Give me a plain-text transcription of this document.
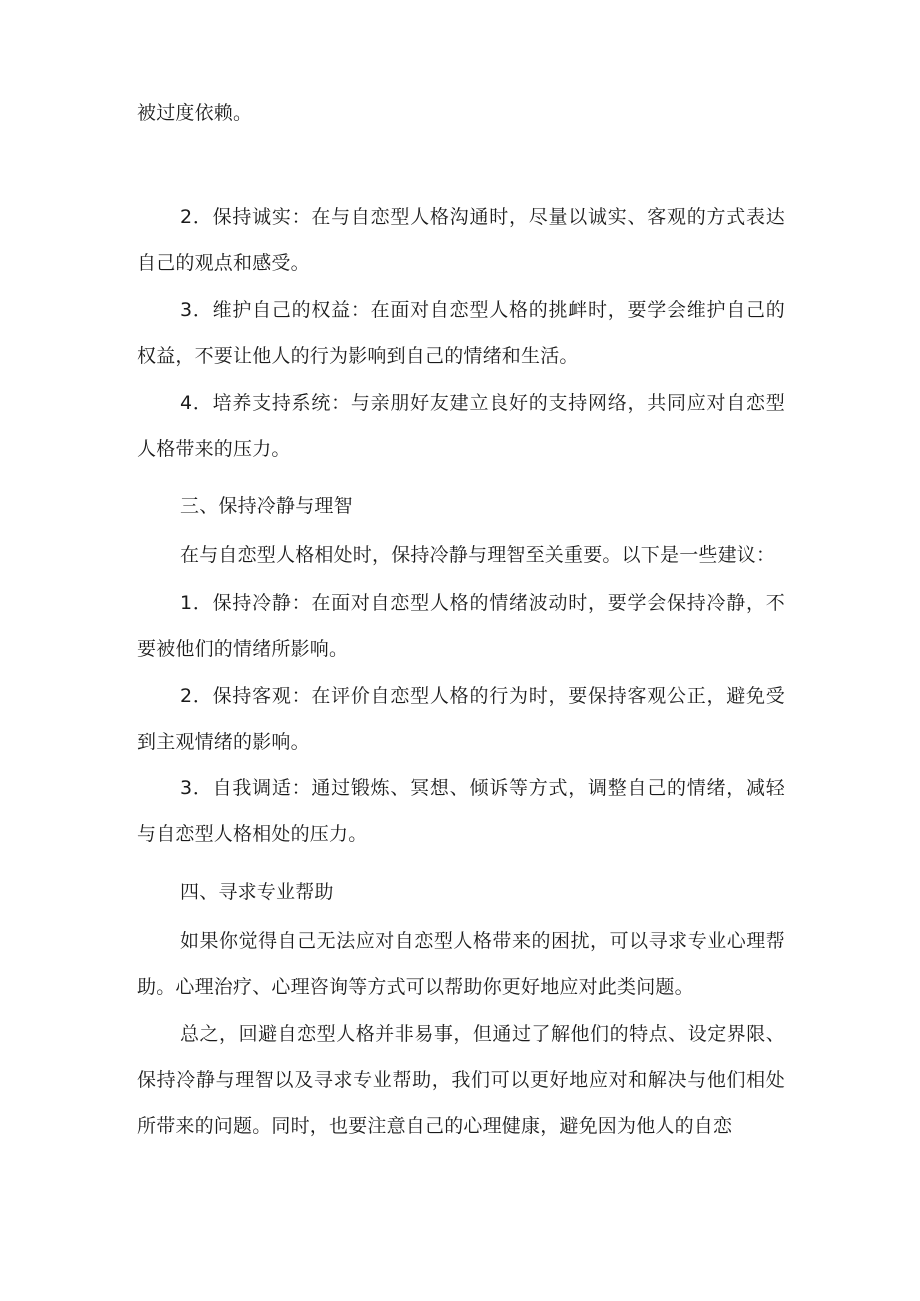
被过度依赖。

2．保持诚实：在与自恋型人格沟通时，尽量以诚实、客观的方式表达自己的观点和感受。

3．维护自己的权益：在面对自恋型人格的挑衅时，要学会维护自己的权益，不要让他人的行为影响到自己的情绪和生活。

4．培养支持系统：与亲朋好友建立良好的支持网络，共同应对自恋型人格带来的压力。

三、保持冷静与理智

在与自恋型人格相处时，保持冷静与理智至关重要。以下是一些建议：

1．保持冷静：在面对自恋型人格的情绪波动时，要学会保持冷静，不要被他们的情绪所影响。

2．保持客观：在评价自恋型人格的行为时，要保持客观公正，避免受到主观情绪的影响。

3．自我调适：通过锻炼、冥想、倾诉等方式，调整自己的情绪，减轻与自恋型人格相处的压力。

四、寻求专业帮助

如果你觉得自己无法应对自恋型人格带来的困扰，可以寻求专业心理帮助。心理治疗、心理咨询等方式可以帮助你更好地应对此类问题。

总之，回避自恋型人格并非易事，但通过了解他们的特点、设定界限、保持冷静与理智以及寻求专业帮助，我们可以更好地应对和解决与他们相处所带来的问题。同时，也要注意自己的心理健康，避免因为他人的自恋
